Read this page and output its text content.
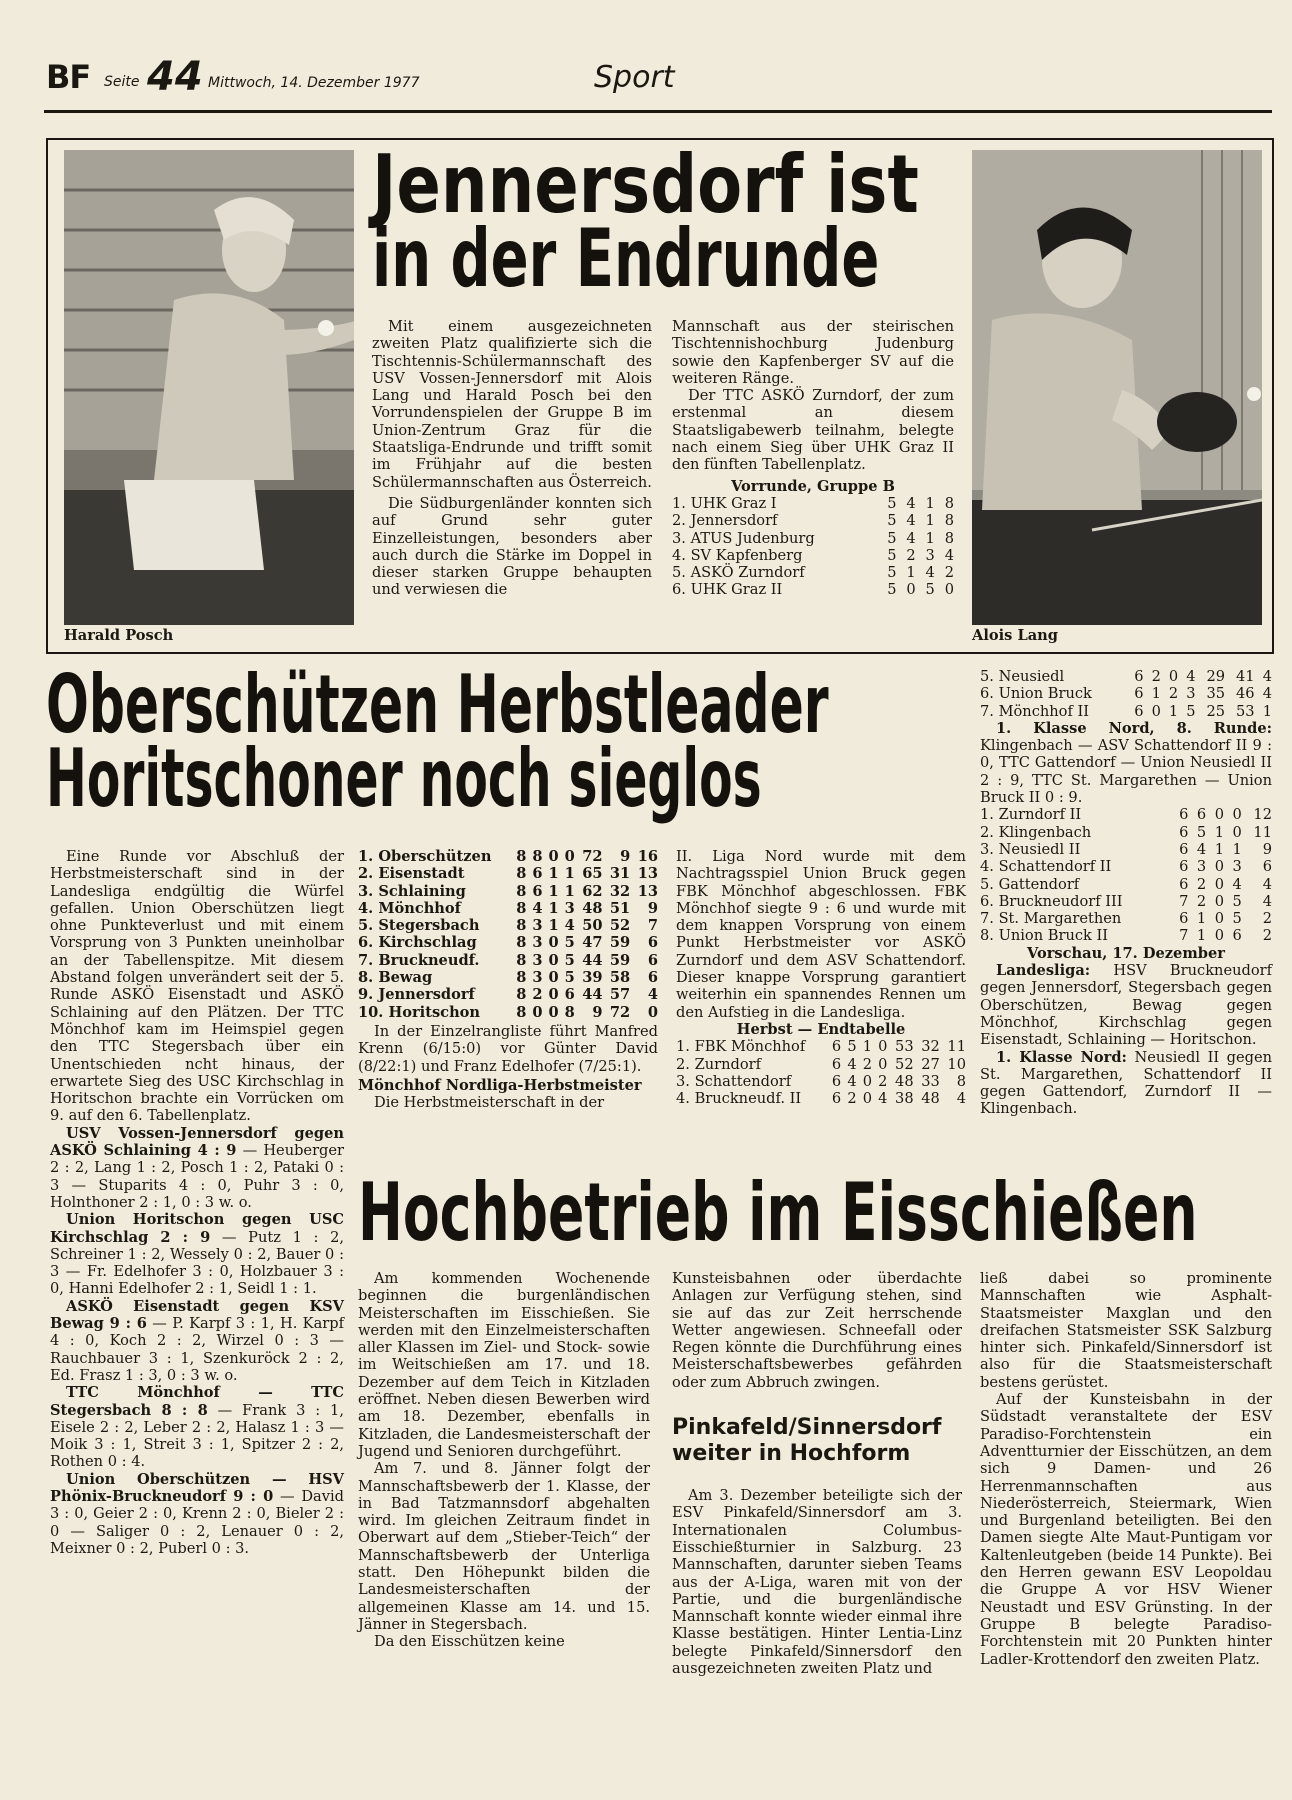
BF Seite 44 Mittwoch, 14. Dezember 1977	Sport
Harald Posch	Alois Lang
Jennersdorf ist
in der Endrunde

Mit einem ausgezeichneten zweiten Platz qualifizierte sich die Tischtennis-Schülermannschaft des USV Vossen-Jennersdorf mit Alois Lang und Harald Posch bei den Vorrundenspielen der Gruppe B im Union-Zentrum Graz für die Staatsliga-Endrunde und trifft somit im Frühjahr auf die besten Schülermannschaften aus Österreich.

Die Südburgenländer konnten sich auf Grund sehr guter Einzelleistungen, besonders aber auch durch die Stärke im Doppel in dieser starken Gruppe behaupten und verwiesen die

Mannschaft aus der steirischen Tischtennishochburg Judenburg sowie den Kapfenberger SV auf die weiteren Ränge.

Der TTC ASKÖ Zurndorf, der zum erstenmal an diesem Staatsligabewerb teilnahm, belegte nach einem Sieg über UHK Graz II den fünften Tabellenplatz.

Vorrunde, Gruppe B
1. UHK Graz I	5	4	1	8
2. Jennersdorf	5	4	1	8
3. ATUS Judenburg	5	4	1	8
4. SV Kapfenberg	5	2	3	4
5. ASKÖ Zurndorf	5	1	4	2
6. UHK Graz II	5	0	5	0
Oberschützen Herbstleader
Horitschoner noch sieglos

Eine Runde vor Abschluß der Herbstmeisterschaft sind in der Landesliga endgültig die Würfel gefallen. Union Oberschützen liegt ohne Punkteverlust und mit einem Vorsprung von 3 Punkten uneinholbar an der Tabellenspitze. Mit diesem Abstand folgen unverändert seit der 5. Runde ASKÖ Eisenstadt und ASKÖ Schlaining auf den Plätzen. Der TTC Mönchhof kam im Heimspiel gegen den TTC Stegersbach über ein Unentschieden ncht hinaus, der erwartete Sieg des USC Kirchschlag in Horitschon brachte ein Vorrücken om 9. auf den 6. Tabellenplatz.

USV Vossen-Jennersdorf gegen ASKÖ Schlaining 4 : 9 — Heuberger 2 : 2, Lang 1 : 2, Posch 1 : 2, Pataki 0 : 3 — Stuparits 4 : 0, Puhr 3 : 0, Holnthoner 2 : 1, 0 : 3 w. o.

Union Horitschon gegen USC Kirchschlag 2 : 9 — Putz 1 : 2, Schreiner 1 : 2, Wessely 0 : 2, Bauer 0 : 3 — Fr. Edelhofer 3 : 0, Holzbauer 3 : 0, Hanni Edelhofer 2 : 1, Seidl 1 : 1.

ASKÖ Eisenstadt gegen KSV Bewag 9 : 6 — P. Karpf 3 : 1, H. Karpf 4 : 0, Koch 2 : 2, Wirzel 0 : 3 — Rauchbauer 3 : 1, Szenkuröck 2 : 2, Ed. Frasz 1 : 3, 0 : 3 w. o.

TTC Mönchhof — TTC Stegersbach 8 : 8 — Frank 3 : 1, Eisele 2 : 2, Leber 2 : 2, Halasz 1 : 3 — Moik 3 : 1, Streit 3 : 1, Spitzer 2 : 2, Rothen 0 : 4.

Union Oberschützen — HSV Phönix-Bruckneudorf 9 : 0 — David 3 : 0, Geier 2 : 0, Krenn 2 : 0, Bieler 2 : 0 — Saliger 0 : 2, Lenauer 0 : 2, Meixner 0 : 2, Puberl 0 : 3.

1. Oberschützen	8	8	0	0	72	9	16
2. Eisenstadt	8	6	1	1	65	31	13
3. Schlaining	8	6	1	1	62	32	13
4. Mönchhof	8	4	1	3	48	51	9
5. Stegersbach	8	3	1	4	50	52	7
6. Kirchschlag	8	3	0	5	47	59	6
7. Bruckneudf.	8	3	0	5	44	59	6
8. Bewag	8	3	0	5	39	58	6
9. Jennersdorf	8	2	0	6	44	57	4
10. Horitschon	8	0	0	8	9	72	0

In der Einzelrangliste führt Manfred Krenn (6/15:0) vor Günter David (8/22:1) und Franz Edelhofer (7/25:1).

Mönchhof Nordliga-Herbstmeister

Die Herbstmeisterschaft in der

II. Liga Nord wurde mit dem Nachtragsspiel Union Bruck gegen FBK Mönchhof abgeschlossen. FBK Mönchhof siegte 9 : 6 und wurde mit dem knappen Vorsprung von einem Punkt Herbstmeister vor ASKÖ Zurndorf und dem ASV Schattendorf. Dieser knappe Vorsprung garantiert weiterhin ein spannendes Rennen um den Aufstieg in die Landesliga.

Herbst — Endtabelle
1. FBK Mönchhof	6	5	1	0	53	32	11
2. Zurndorf	6	4	2	0	52	27	10
3. Schattendorf	6	4	0	2	48	33	8
4. Bruckneudf. II	6	2	0	4	38	48	4
5. Neusiedl	6	2	0	4	29	41	4
6. Union Bruck	6	1	2	3	35	46	4
7. Mönchhof II	6	0	1	5	25	53	1

1. Klasse Nord, 8. Runde: Klingenbach — ASV Schattendorf II 9 : 0, TTC Gattendorf — Union Neusiedl II 2 : 9, TTC St. Margarethen — Union Bruck II 0 : 9.

1. Zurndorf II	6	6	0	0	12
2. Klingenbach	6	5	1	0	11
3. Neusiedl II	6	4	1	1	9
4. Schattendorf II	6	3	0	3	6
5. Gattendorf	6	2	0	4	4
6. Bruckneudorf III	7	2	0	5	4
7. St. Margarethen	6	1	0	5	2
8. Union Bruck II	7	1	0	6	2
Vorschau, 17. Dezember

Landesliga: HSV Bruckneudorf gegen Jennersdorf, Stegersbach gegen Oberschützen, Bewag gegen Mönchhof, Kirchschlag gegen Eisenstadt, Schlaining — Horitschon.

1. Klasse Nord: Neusiedl II gegen St. Margarethen, Schattendorf II gegen Gattendorf, Zurndorf II — Klingenbach.

Hochbetrieb im Eisschießen

Am kommenden Wochenende beginnen die burgenländischen Meisterschaften im Eisschießen. Sie werden mit den Einzelmeisterschaften aller Klassen im Ziel- und Stock- sowie im Weitschießen am 17. und 18. Dezember auf dem Teich in Kitzladen eröffnet. Neben diesen Bewerben wird am 18. Dezember, ebenfalls in Kitzladen, die Landesmeisterschaft der Jugend und Senioren durchgeführt.

Am 7. und 8. Jänner folgt der Mannschaftsbewerb der 1. Klasse, der in Bad Tatzmannsdorf abgehalten wird. Im gleichen Zeitraum findet in Oberwart auf dem „Stieber-Teich“ der Mannschaftsbewerb der Unterliga statt. Den Höhepunkt bilden die Landesmeisterschaften der allgemeinen Klasse am 14. und 15. Jänner in Stegersbach.

Da den Eisschützen keine

Kunsteisbahnen oder überdachte Anlagen zur Verfügung stehen, sind sie auf das zur Zeit herrschende Wetter angewiesen. Schneefall oder Regen könnte die Durchführung eines Meisterschaftsbewerbes gefährden oder zum Abbruch zwingen.

Pinkafeld/Sinnersdorf
weiter in Hochform

Am 3. Dezember beteiligte sich der ESV Pinkafeld/Sinnersdorf am 3. Internationalen Columbus-Eisschießturnier in Salzburg. 23 Mannschaften, darunter sieben Teams aus der A-Liga, waren mit von der Partie, und die burgenländische Mannschaft konnte wieder einmal ihre Klasse bestätigen. Hinter Lentia-Linz belegte Pinkafeld/Sinnersdorf den ausgezeichneten zweiten Platz und

ließ dabei so prominente Mannschaften wie Asphalt-Staatsmeister Maxglan und den dreifachen Statsmeister SSK Salzburg hinter sich. Pinkafeld/Sinnersdorf ist also für die Staatsmeisterschaft bestens gerüstet.

Auf der Kunsteisbahn in der Südstadt veranstaltete der ESV Paradiso-Forchtenstein ein Adventturnier der Eisschützen, an dem sich 9 Damen- und 26 Herrenmannschaften aus Niederösterreich, Steiermark, Wien und Burgenland beteiligten. Bei den Damen siegte Alte Maut-Puntigam vor Kaltenleutgeben (beide 14 Punkte). Bei den Herren gewann ESV Leopoldau die Gruppe A vor HSV Wiener Neustadt und ESV Grünsting. In der Gruppe B belegte Paradiso-Forchtenstein mit 20 Punkten hinter Ladler-Krottendorf den zweiten Platz.
